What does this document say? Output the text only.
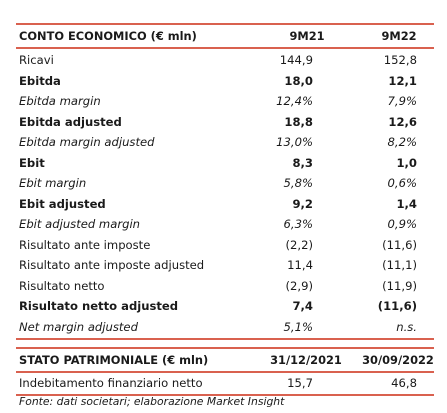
CONTO ECONOMICO (€ mln)	9M21	9M22
Ricavi	144,9	152,8
Ebitda	18,0	12,1
Ebitda margin	12,4%	7,9%
Ebitda adjusted	18,8	12,6
Ebitda margin adjusted	13,0%	8,2%
Ebit	8,3	1,0
Ebit margin	5,8%	0,6%
Ebit adjusted	9,2	1,4
Ebit adjusted margin	6,3%	0,9%
Risultato ante imposte	(2,2)	(11,6)
Risultato ante imposte adjusted	11,4	(11,1)
Risultato netto	(2,9)	(11,9)
Risultato netto adjusted	7,4	(11,6)
Net margin adjusted	5,1%	n.s.
STATO PATRIMONIALE (€ mln)	31/12/2021	30/09/2022
Indebitamento finanziario netto	15,7	46,8
Fonte: dati societari; elaborazione Market Insight
